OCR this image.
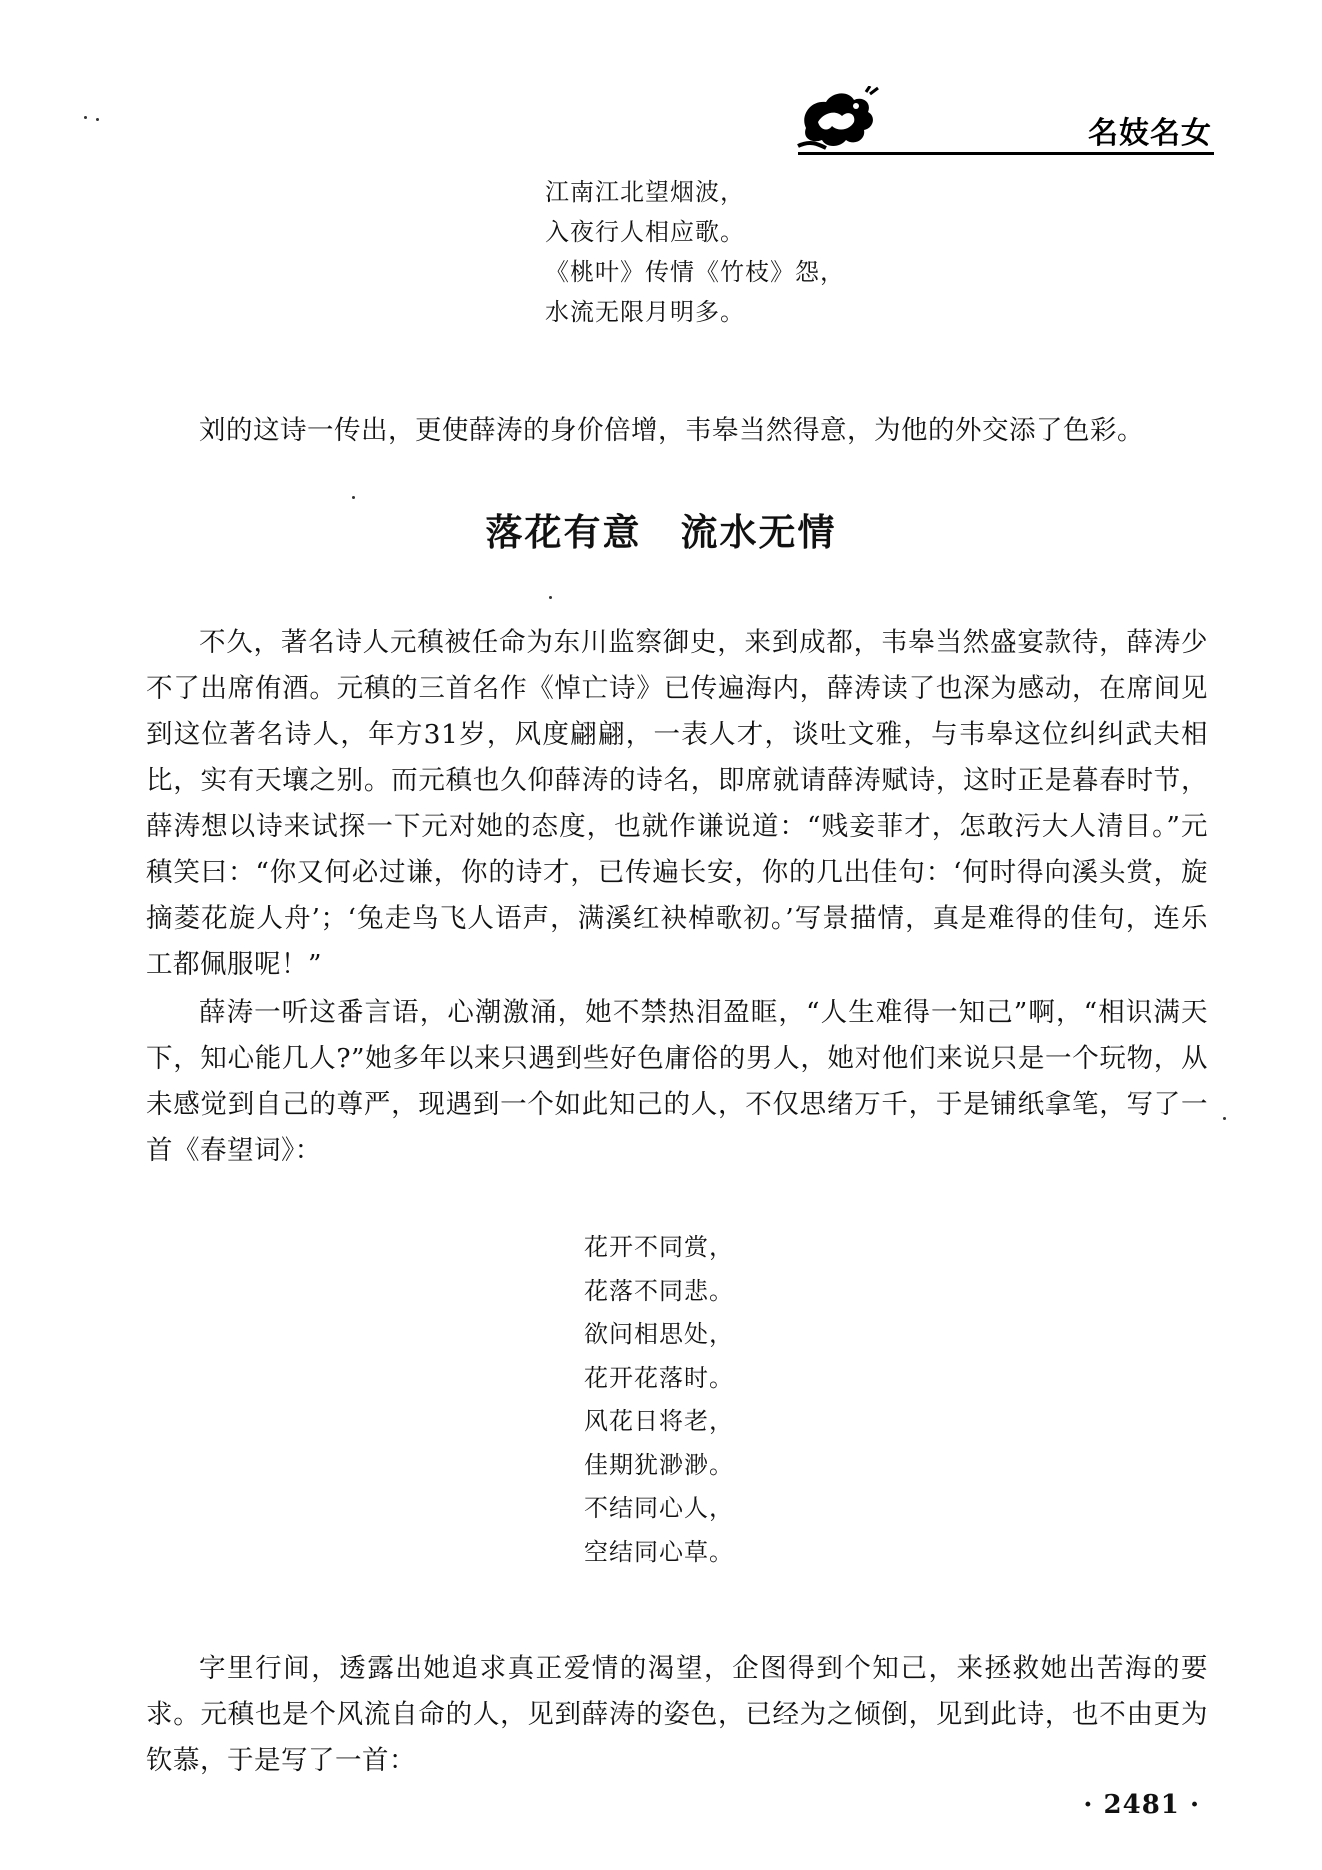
名妓名女
江南江北望烟波，
入夜行人相应歌。
《桃叶》传情《竹枝》怨，
水流无限月明多。

刘的这诗一传出，更使薛涛的身价倍增，韦皋当然得意，为他的外交添了色彩。

落花有意　流水无情

不久，著名诗人元稹被任命为东川监察御史，来到成都，韦皋当然盛宴款待，薛涛少不了出席侑酒。元稹的三首名作《悼亡诗》已传遍海内，薛涛读了也深为感动，在席间见到这位著名诗人，年方31岁，风度翩翩，一表人才，谈吐文雅，与韦皋这位纠纠武夫相比，实有天壤之别。而元稹也久仰薛涛的诗名，即席就请薛涛赋诗，这时正是暮春时节，薛涛想以诗来试探一下元对她的态度，也就作谦说道：“贱妾菲才，怎敢污大人清目。”元稹笑曰：“你又何必过谦，你的诗才，已传遍长安，你的几出佳句：‘何时得向溪头赏，旋摘菱花旋人舟’；‘兔走鸟飞人语声，满溪红袂棹歌初。’写景描情，真是难得的佳句，连乐工都佩服呢！”

薛涛一听这番言语，心潮激涌，她不禁热泪盈眶，“人生难得一知己”啊，“相识满天下，知心能几人?”她多年以来只遇到些好色庸俗的男人，她对他们来说只是一个玩物，从未感觉到自己的尊严，现遇到一个如此知己的人，不仅思绪万千，于是铺纸拿笔，写了一首《春望词》：

花开不同赏，
花落不同悲。
欲问相思处，
花开花落时。
风花日将老，
佳期犹渺渺。
不结同心人，
空结同心草。

字里行间，透露出她追求真正爱情的渴望，企图得到个知己，来拯救她出苦海的要求。元稹也是个风流自命的人，见到薛涛的姿色，已经为之倾倒，见到此诗，也不由更为钦慕，于是写了一首：

· 2481 ·
